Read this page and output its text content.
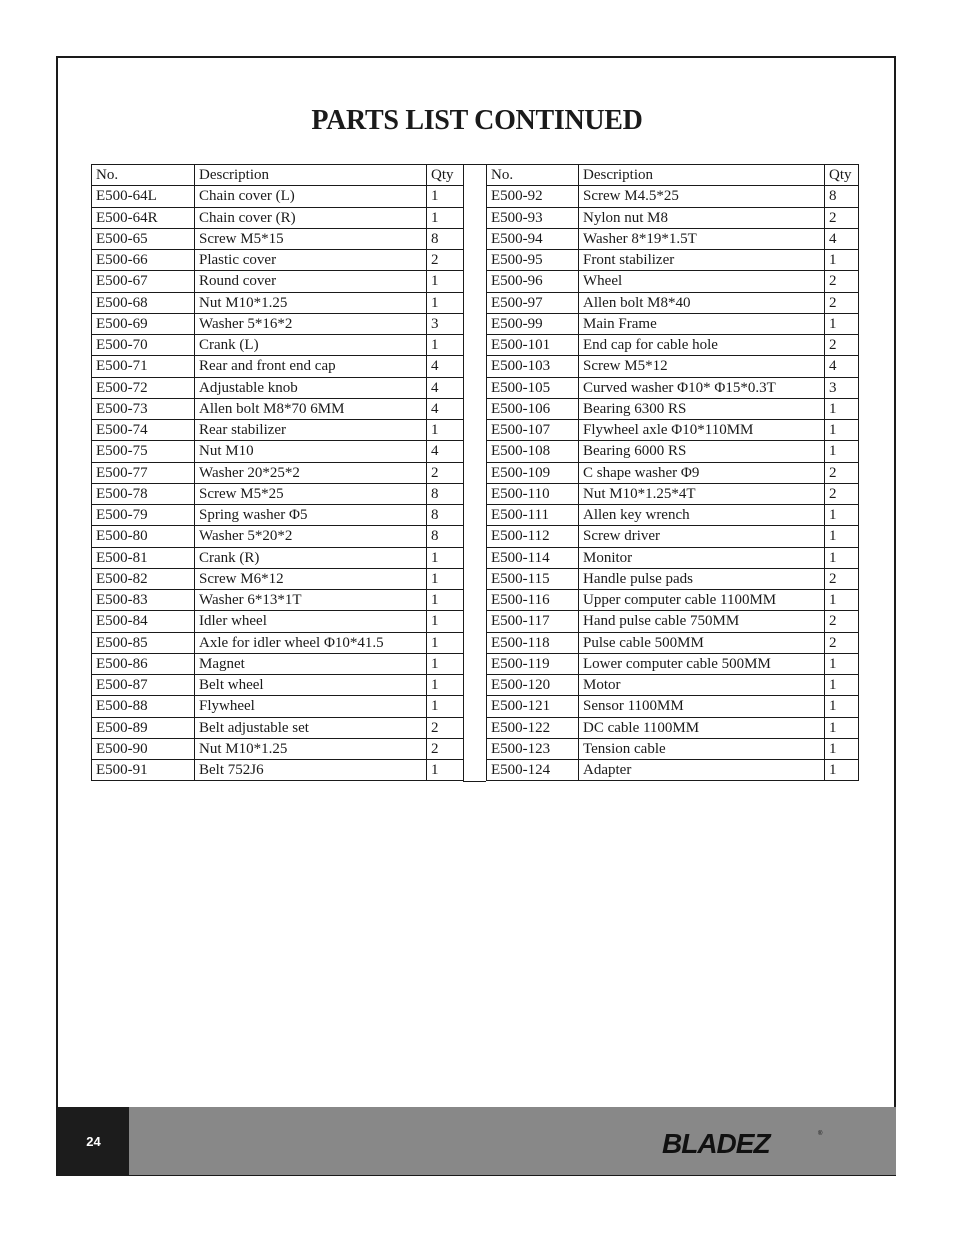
PARTS LIST CONTINUED
No.	Description	Qty
E500-64L	Chain cover (L)	1
E500-64R	Chain cover (R)	1
E500-65	Screw M5*15	8
E500-66	Plastic cover	2
E500-67	Round cover	1
E500-68	Nut M10*1.25	1
E500-69	Washer 5*16*2	3
E500-70	Crank (L)	1
E500-71	Rear and front end cap	4
E500-72	Adjustable knob	4
E500-73	Allen bolt M8*70 6MM	4
E500-74	Rear stabilizer	1
E500-75	Nut M10	4
E500-77	Washer 20*25*2	2
E500-78	Screw M5*25	8
E500-79	Spring washer Φ5	8
E500-80	Washer 5*20*2	8
E500-81	Crank (R)	1
E500-82	Screw M6*12	1
E500-83	Washer 6*13*1T	1
E500-84	Idler wheel	1
E500-85	Axle for idler wheel Φ10*41.5	1
E500-86	Magnet	1
E500-87	Belt wheel	1
E500-88	Flywheel	1
E500-89	Belt adjustable set	2
E500-90	Nut M10*1.25	2
E500-91	Belt 752J6	1
No.	Description	Qty
E500-92	Screw M4.5*25	8
E500-93	Nylon nut M8	2
E500-94	Washer 8*19*1.5T	4
E500-95	Front stabilizer	1
E500-96	Wheel	2
E500-97	Allen bolt M8*40	2
E500-99	Main Frame	1
E500-101	End cap for cable hole	2
E500-103	Screw M5*12	4
E500-105	Curved washer Φ10* Φ15*0.3T	3
E500-106	Bearing 6300 RS	1
E500-107	Flywheel axle Φ10*110MM	1
E500-108	Bearing 6000 RS	1
E500-109	C shape washer Φ9	2
E500-110	Nut M10*1.25*4T	2
E500-111	Allen key wrench	1
E500-112	Screw driver	1
E500-114	Monitor	1
E500-115	Handle pulse pads	2
E500-116	Upper computer cable 1100MM	1
E500-117	Hand pulse cable 750MM	2
E500-118	Pulse cable 500MM	2
E500-119	Lower computer cable 500MM	1
E500-120	Motor	1
E500-121	Sensor 1100MM	1
E500-122	DC cable 1100MM	1
E500-123	Tension cable	1
E500-124	Adapter	1
24	BLADEZ	®
